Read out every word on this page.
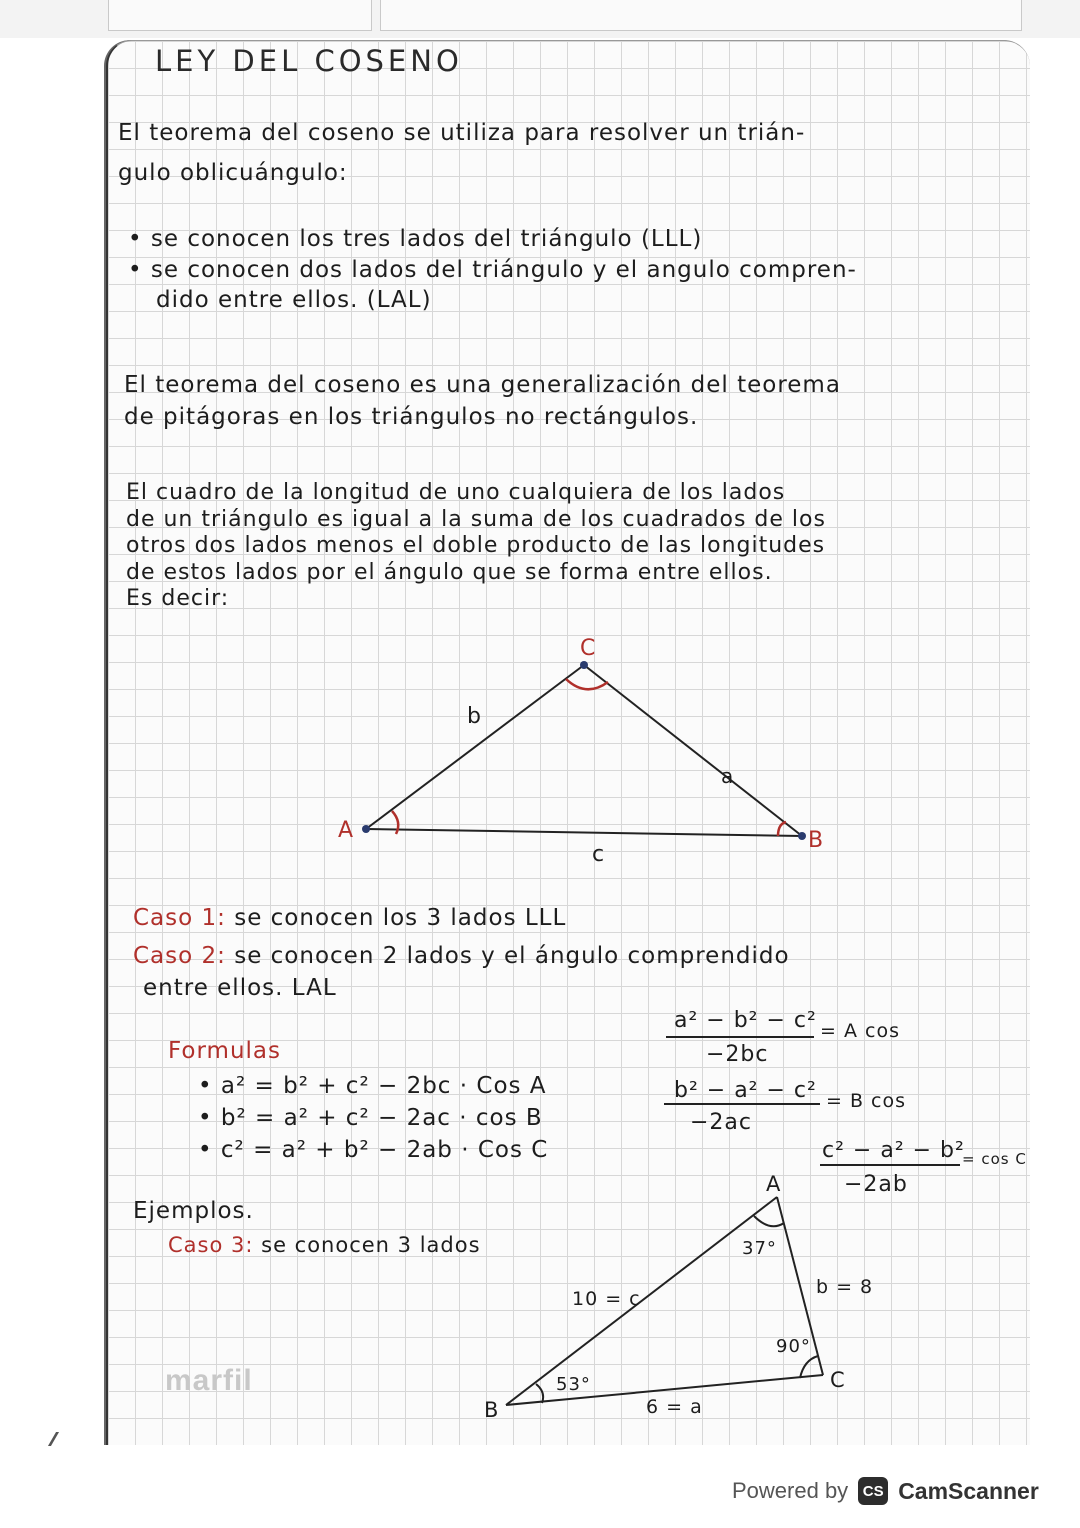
LEY DEL COSENO
El teorema del coseno se utiliza para resolver un trián-
gulo oblicuángulo:
• se conocen los tres lados del triángulo (LLL)
• se conocen dos lados del triángulo y el angulo compren-
dido entre ellos. (LAL)
El teorema del coseno es una generalización del teorema
de pitágoras en los triángulos no rectángulos.
El cuadro de la longitud de uno cualquiera de los lados
de un triángulo es igual a la suma de los cuadrados de los
otros dos lados menos el doble producto de las longitudes
de estos lados por el ángulo que se forma entre ellos.
Es decir:
C
A	B
b
a
c
Caso 1: se conocen los 3 lados LLL
Caso 2: se conocen 2 lados y el ángulo comprendido
entre ellos. LAL
Formulas
• a² = b² + c² − 2bc · Cos A
• b² = a² + c² − 2ac · cos B
• c² = a² + b² − 2ab · Cos C
a² − b² − c²
−2bc
= A cos
b² − a² − c²
−2ac
= B cos
c² − a² − b²
−2ab
= cos C
Ejemplos.
Caso 3: se conocen 3 lados
A
B
C
37°
53°
90°
b = 8
10 = c
6 = a
marfil
Powered by CS CamScanner
